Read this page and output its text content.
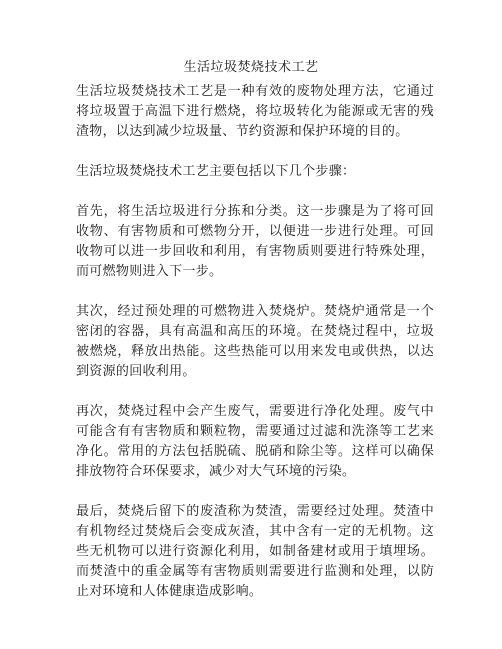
生活垃圾焚烧技术工艺

生活垃圾焚烧技术工艺是一种有效的废物处理方法，它通过将垃圾置于高温下进行燃烧，将垃圾转化为能源或无害的残渣物，以达到减少垃圾量、节约资源和保护环境的目的。

生活垃圾焚烧技术工艺主要包括以下几个步骤：

首先，将生活垃圾进行分拣和分类。这一步骤是为了将可回收物、有害物质和可燃物分开，以便进一步进行处理。可回收物可以进一步回收和利用，有害物质则要进行特殊处理，而可燃物则进入下一步。

其次，经过预处理的可燃物进入焚烧炉。焚烧炉通常是一个密闭的容器，具有高温和高压的环境。在焚烧过程中，垃圾被燃烧，释放出热能。这些热能可以用来发电或供热，以达到资源的回收利用。

再次，焚烧过程中会产生废气，需要进行净化处理。废气中可能含有有害物质和颗粒物，需要通过过滤和洗涤等工艺来净化。常用的方法包括脱硫、脱硝和除尘等。这样可以确保排放物符合环保要求，减少对大气环境的污染。

最后，焚烧后留下的废渣称为焚渣，需要经过处理。焚渣中有机物经过焚烧后会变成灰渣，其中含有一定的无机物。这些无机物可以进行资源化利用，如制备建材或用于填埋场。而焚渣中的重金属等有害物质则需要进行监测和处理，以防止对环境和人体健康造成影响。
